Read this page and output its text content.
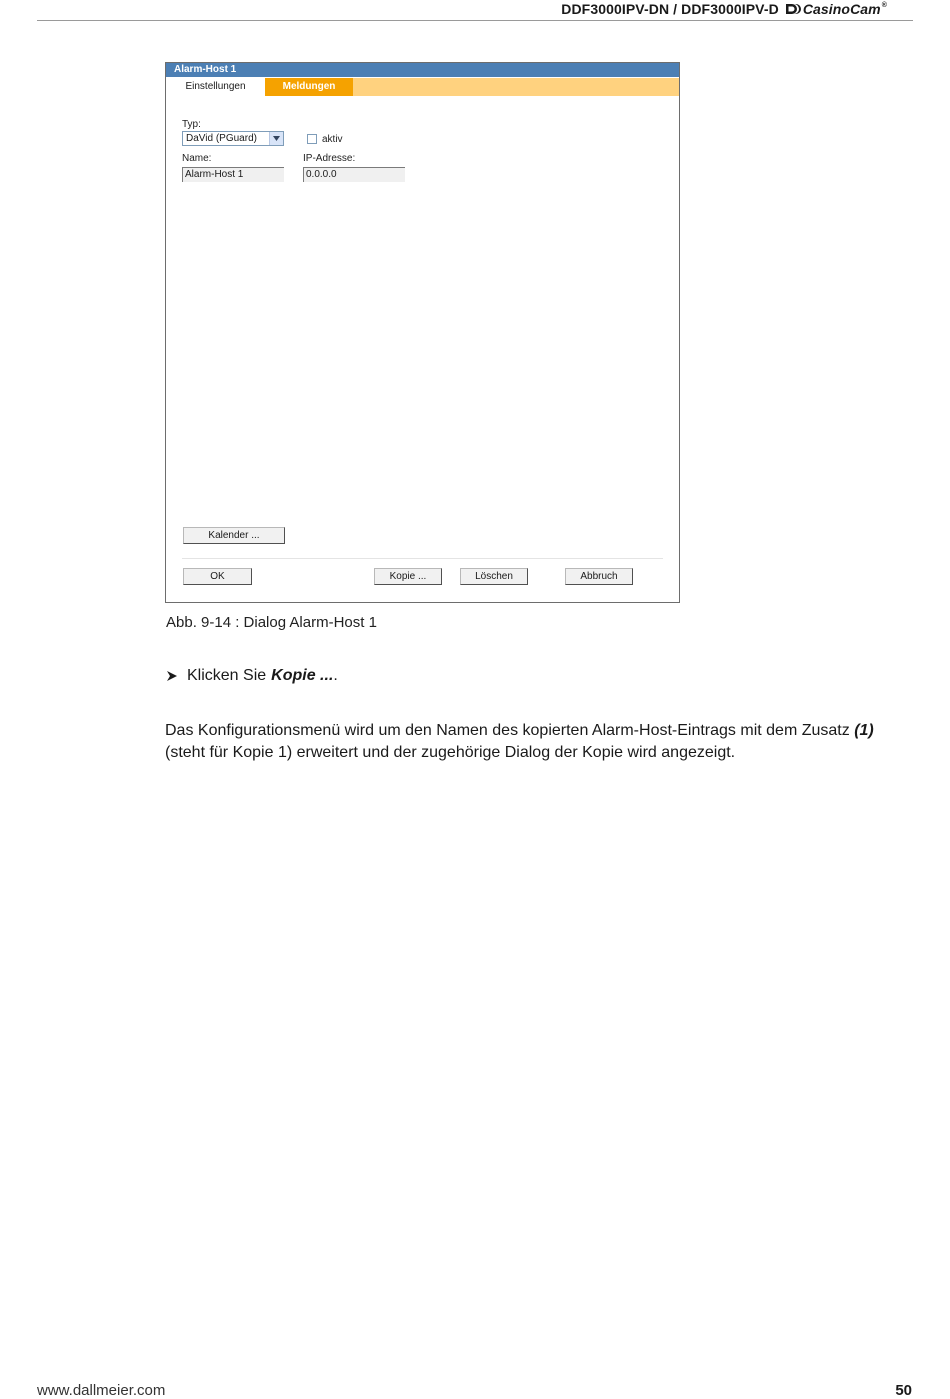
DDF3000IPV-DN / DDF3000IPV-D CasinoCam®
Alarm-Host 1
Einstellungen	Meldungen
Typ:
DaVid (PGuard)	aktiv
Name:	IP-Adresse:
Alarm-Host 1	0.0.0.0
Kalender ...
OK	Kopie ...	Löschen	Abbruch
Abb. 9-14 : Dialog Alarm-Host 1
Klicken Sie Kopie ... .
Das Konfigurationsmenü wird um den Namen des kopierten Alarm-Host-Eintrags mit dem Zusatz (1) (steht für Kopie 1) erweitert und der zugehörige Dialog der Kopie wird angezeigt.
www.dallmeier.com	50
